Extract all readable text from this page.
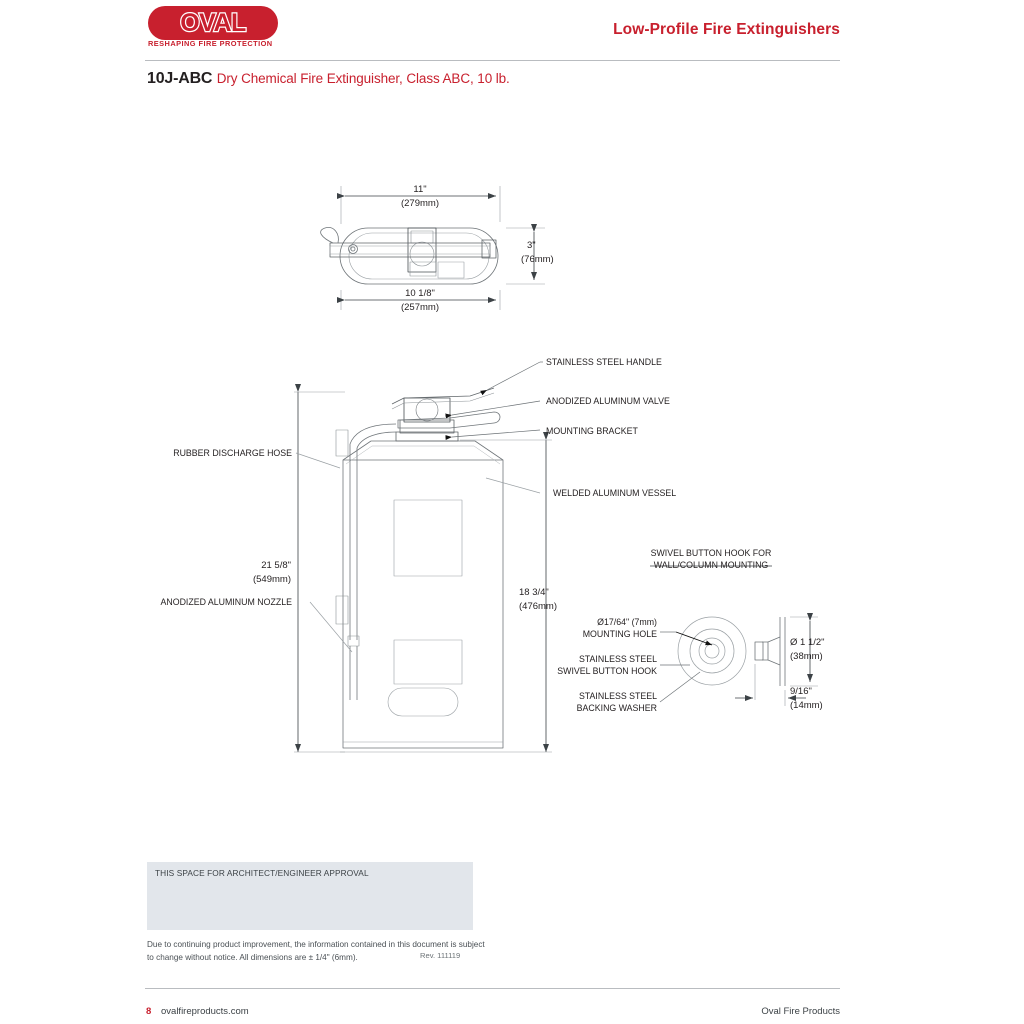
OVAL
RESHAPING FIRE PROTECTION
Low-Profile Fire Extinguishers
10J-ABC Dry Chemical Fire Extinguisher, Class ABC, 10 lb.
11"
(279mm)
10 1/8"
(257mm)
3"
(76mm)
STAINLESS STEEL HANDLE
ANODIZED ALUMINUM VALVE
MOUNTING BRACKET
WELDED ALUMINUM VESSEL
RUBBER DISCHARGE HOSE
ANODIZED ALUMINUM NOZZLE
21 5/8"
(549mm)
18 3/4"
(476mm)
SWIVEL BUTTON HOOK FOR
WALL/COLUMN MOUNTING
Ø17/64" (7mm)
MOUNTING HOLE
STAINLESS STEEL
SWIVEL BUTTON HOOK
STAINLESS STEEL
BACKING WASHER
Ø 1 1/2"
(38mm)
9/16"
(14mm)
THIS SPACE FOR ARCHITECT/ENGINEER APPROVAL
Due to continuing product improvement, the information contained in this document is subject to change without notice. All dimensions are ± 1/4" (6mm).	Rev. 111119
8 ovalfireproducts.com	Oval Fire Products
